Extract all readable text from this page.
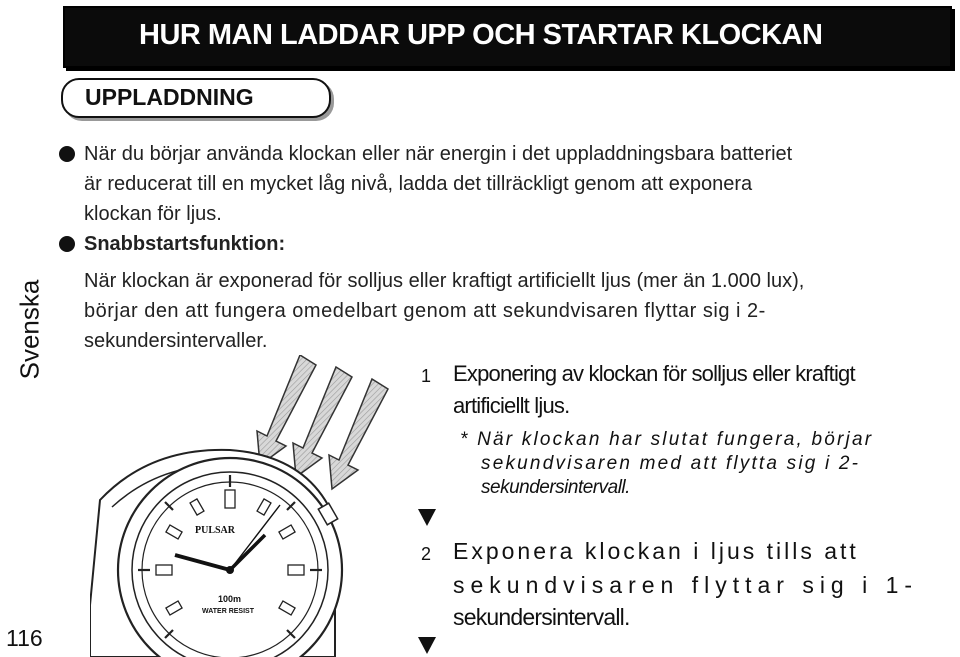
HUR MAN LADDAR UPP OCH STARTAR KLOCKAN
UPPLADDNING
Svenska
116
När du börjar använda klockan eller när energin i det uppladdningsbara batteriet
är reducerat till en mycket låg nivå, ladda det tillräckligt genom att exponera
klockan för ljus.
Snabbstartsfunktion:
När klockan är exponerad för solljus eller kraftigt artificiellt ljus (mer än 1.000 lux),
börjar den att fungera omedelbart genom att sekundvisaren flyttar sig i 2-
sekundersintervaller.
1 Exponering av klockan för solljus eller kraftigt
artificiellt ljus.
* När klockan har slutat fungera, börjar
sekundvisaren med att flytta sig i 2-
sekundersintervall.
2 Exponera klockan i ljus tills att
sekundvisaren flyttar sig i 1-
sekundersintervall.
PULSAR
100m
WATER RESIST
